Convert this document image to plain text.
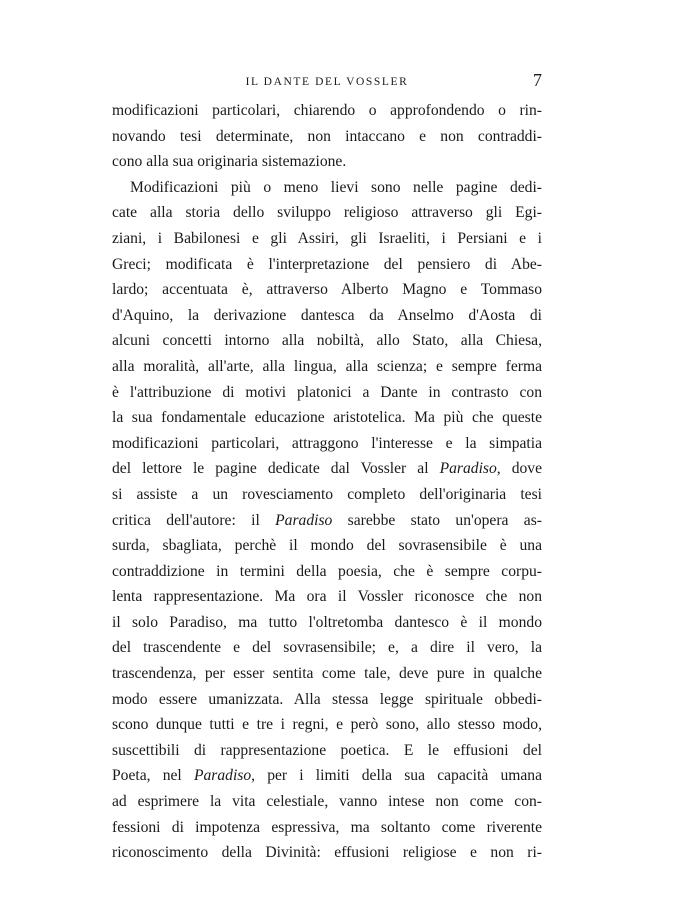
IL DANTE DEL VOSSLER	7
modificazioni particolari, chiarendo o approfondendo o rin-
novando tesi determinate, non intaccano e non contraddi-
cono alla sua originaria sistemazione.
Modificazioni più o meno lievi sono nelle pagine dedi-
cate alla storia dello sviluppo religioso attraverso gli Egi-
ziani, i Babilonesi e gli Assiri, gli Israeliti, i Persiani e i
Greci; modificata è l'interpretazione del pensiero di Abe-
lardo; accentuata è, attraverso Alberto Magno e Tommaso
d'Aquino, la derivazione dantesca da Anselmo d'Aosta di
alcuni concetti intorno alla nobiltà, allo Stato, alla Chiesa,
alla moralità, all'arte, alla lingua, alla scienza; e sempre ferma
è l'attribuzione di motivi platonici a Dante in contrasto con
la sua fondamentale educazione aristotelica. Ma più che queste
modificazioni particolari, attraggono l'interesse e la simpatia
del lettore le pagine dedicate dal Vossler al Paradiso, dove
si assiste a un rovesciamento completo dell'originaria tesi
critica dell'autore: il Paradiso sarebbe stato un'opera as-
surda, sbagliata, perchè il mondo del sovrasensibile è una
contraddizione in termini della poesia, che è sempre corpu-
lenta rappresentazione. Ma ora il Vossler riconosce che non
il solo Paradiso, ma tutto l'oltretomba dantesco è il mondo
del trascendente e del sovrasensibile; e, a dire il vero, la
trascendenza, per esser sentita come tale, deve pure in qualche
modo essere umanizzata. Alla stessa legge spirituale obbedi-
scono dunque tutti e tre i regni, e però sono, allo stesso modo,
suscettibili di rappresentazione poetica. E le effusioni del
Poeta, nel Paradiso, per i limiti della sua capacità umana
ad esprimere la vita celestiale, vanno intese non come con-
fessioni di impotenza espressiva, ma soltanto come riverente
riconoscimento della Divinità: effusioni religiose e non ri-
